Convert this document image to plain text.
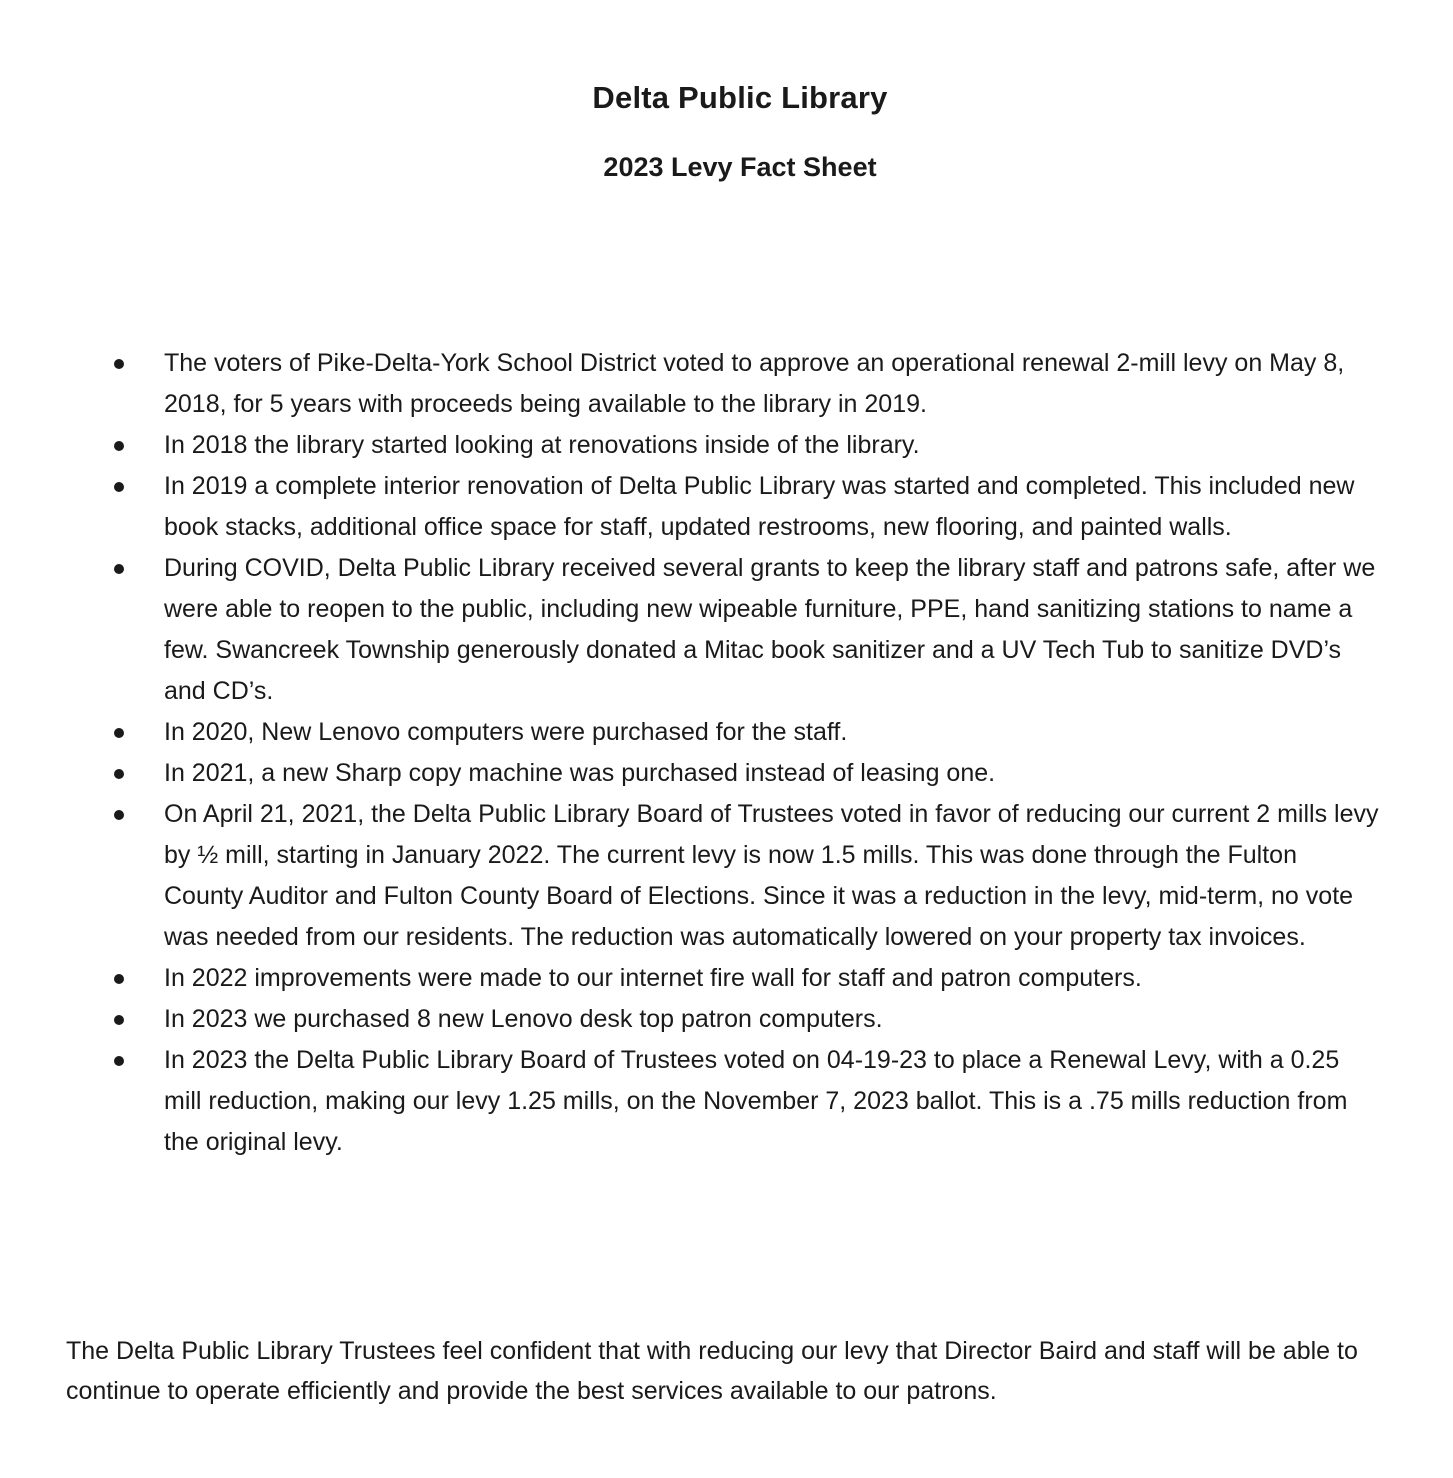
Delta Public Library
2023 Levy Fact Sheet
The voters of Pike-Delta-York School District voted to approve an operational renewal 2-mill levy on May 8, 2018, for 5 years with proceeds being available to the library in 2019.
In 2018 the library started looking at renovations inside of the library.
In 2019 a complete interior renovation of Delta Public Library was started and completed. This included new book stacks, additional office space for staff, updated restrooms, new flooring, and painted walls.
During COVID, Delta Public Library received several grants to keep the library staff and patrons safe, after we were able to reopen to the public, including new wipeable furniture, PPE, hand sanitizing stations to name a few. Swancreek Township generously donated a Mitac book sanitizer and a UV Tech Tub to sanitize DVD’s and CD’s.
In 2020, New Lenovo computers were purchased for the staff.
In 2021, a new Sharp copy machine was purchased instead of leasing one.
On April 21, 2021, the Delta Public Library Board of Trustees voted in favor of reducing our current 2 mills levy by ½ mill, starting in January 2022. The current levy is now 1.5 mills. This was done through the Fulton County Auditor and Fulton County Board of Elections. Since it was a reduction in the levy, mid-term, no vote was needed from our residents. The reduction was automatically lowered on your property tax invoices.
In 2022 improvements were made to our internet fire wall for staff and patron computers.
In 2023 we purchased 8 new Lenovo desk top patron computers.
In 2023 the Delta Public Library Board of Trustees voted on 04-19-23 to place a Renewal Levy, with a 0.25 mill reduction, making our levy 1.25 mills, on the November 7, 2023 ballot. This is a .75 mills reduction from the original levy.

The Delta Public Library Trustees feel confident that with reducing our levy that Director Baird and staff will be able to continue to operate efficiently and provide the best services available to our patrons.
